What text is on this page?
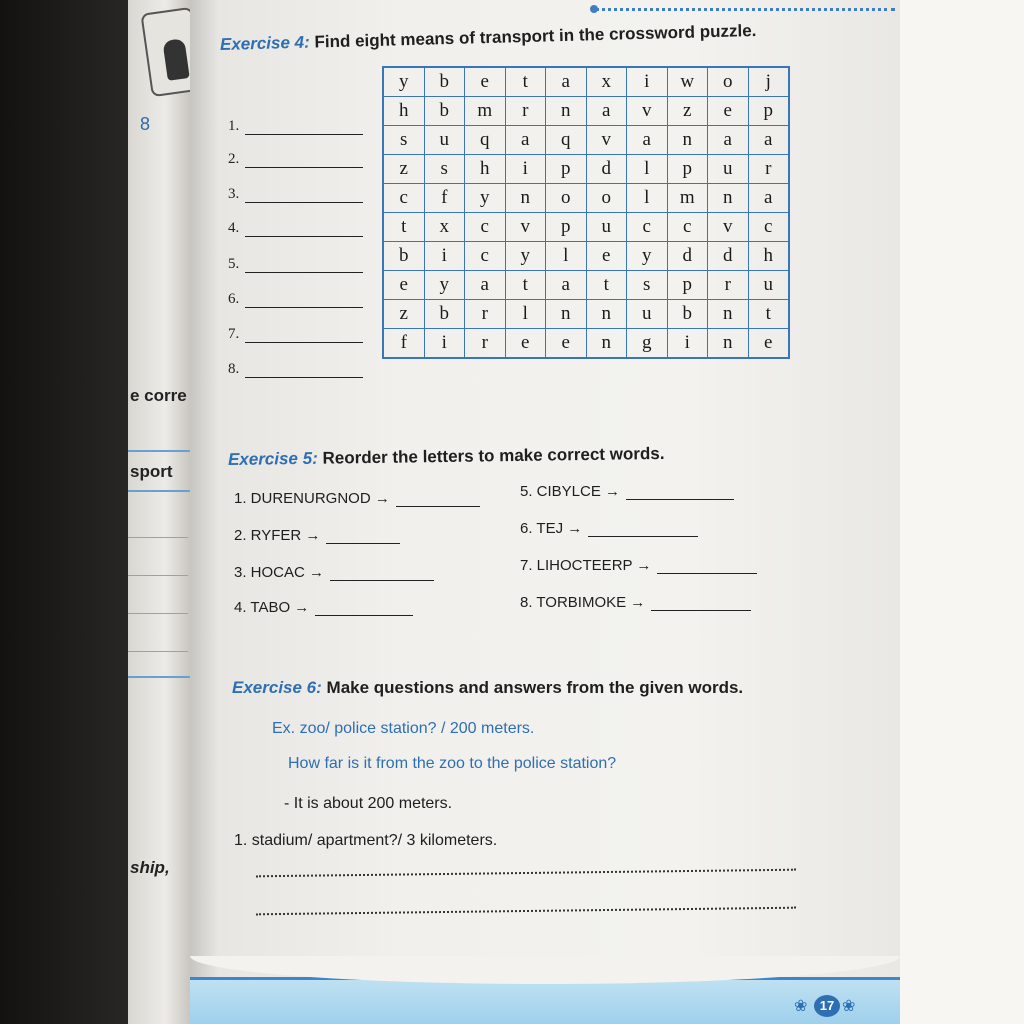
8
e corre
sport
ship,
Exercise 4: Find eight means of transport in the crossword puzzle.
1.
2.
3.
4.
5.
6.
7.
8.
y	b	e	t	a	x	i	w	o	j
h	b	m	r	n	a	v	z	e	p
s	u	q	a	q	v	a	n	a	a
z	s	h	i	p	d	l	p	u	r
c	f	y	n	o	o	l	m	n	a
t	x	c	v	p	u	c	c	v	c
b	i	c	y	l	e	y	d	d	h
e	y	a	t	a	t	s	p	r	u
z	b	r	l	n	n	u	b	n	t
f	i	r	e	e	n	g	i	n	e
Exercise 5: Reorder the letters to make correct words.
1. DURENURGNOD →
2. RYFER →
3. HOCAC →
4. TABO →
5. CIBYLCE →
6. TEJ →
7. LIHOCTEERP →
8. TORBIMOKE →
Exercise 6: Make questions and answers from the given words.
Ex. zoo/ police station? / 200 meters.
How far is it from the zoo to the police station?
- It is about 200 meters.
1. stadium/ apartment?/ 3 kilometers.
❀ 17 ❀
